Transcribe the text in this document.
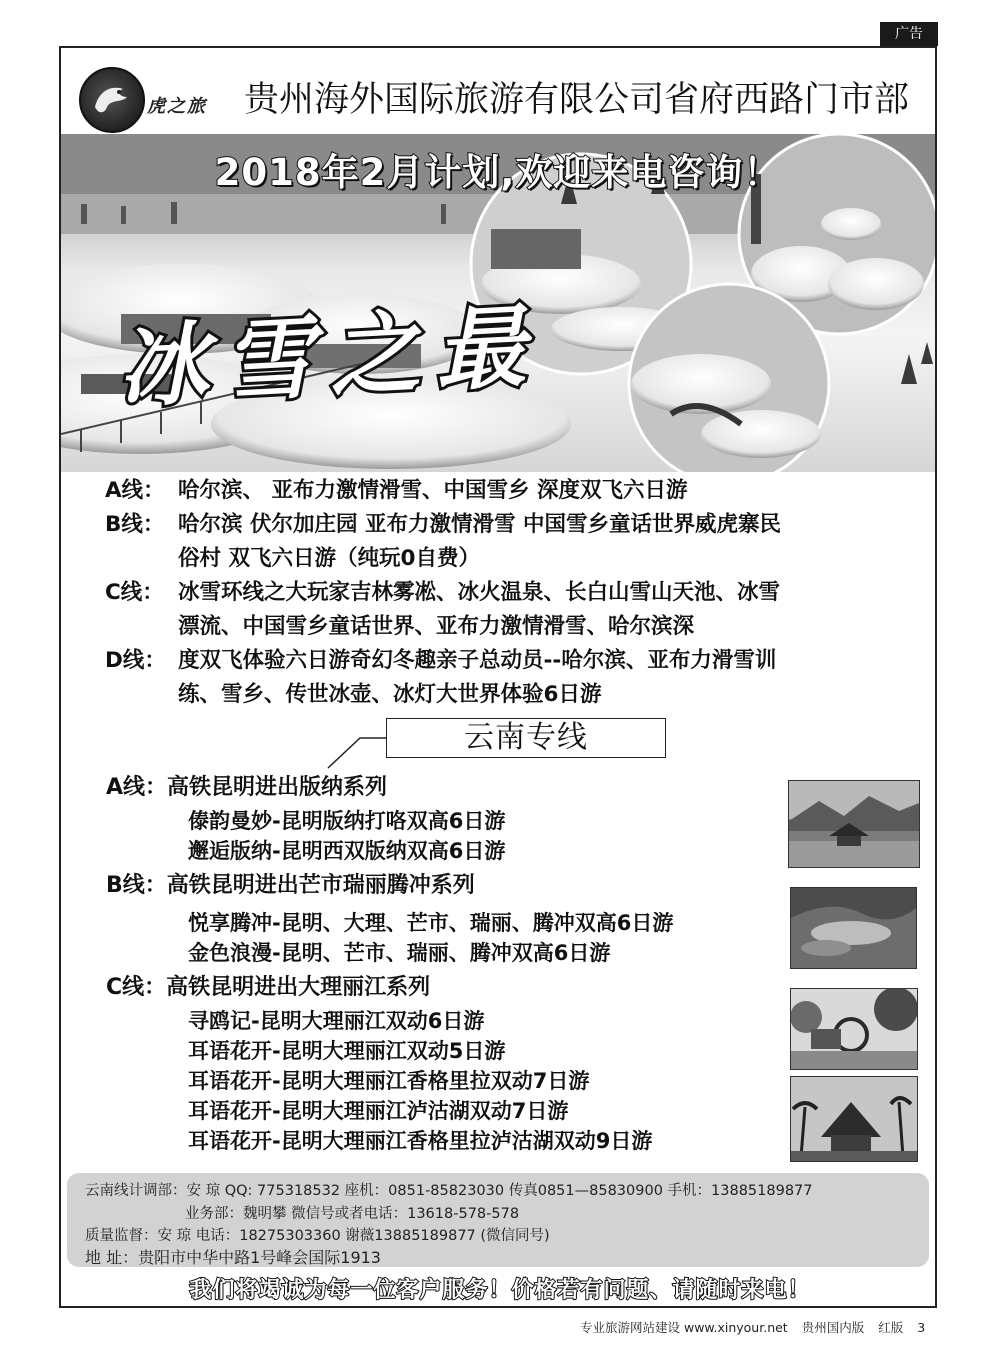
广告
虎之旅 贵州海外国际旅游有限公司省府西路门市部
2018年2月计划,欢迎来电咨询！
冰雪之最
A线： 哈尔滨、 亚布力激情滑雪、中国雪乡 深度双飞六日游
B线： 哈尔滨 伏尔加庄园 亚布力激情滑雪 中国雪乡童话世界威虎寨民
俗村 双飞六日游（纯玩0自费）
C线： 冰雪环线之大玩家吉林雾凇、冰火温泉、长白山雪山天池、冰雪
漂流、中国雪乡童话世界、亚布力激情滑雪、哈尔滨深
D线： 度双飞体验六日游奇幻冬趣亲子总动员--哈尔滨、亚布力滑雪训
练、雪乡、传世冰壶、冰灯大世界体验6日游
云南专线
A线：高铁昆明进出版纳系列
傣韵曼妙-昆明版纳打咯双高6日游
邂逅版纳-昆明西双版纳双高6日游
B线：高铁昆明进出芒市瑞丽腾冲系列
悦享腾冲-昆明、大理、芒市、瑞丽、腾冲双高6日游
金色浪漫-昆明、芒市、瑞丽、腾冲双高6日游
C线：高铁昆明进出大理丽江系列
寻鸥记-昆明大理丽江双动6日游
耳语花开-昆明大理丽江双动5日游
耳语花开-昆明大理丽江香格里拉双动7日游
耳语花开-昆明大理丽江泸沽湖双动7日游
耳语花开-昆明大理丽江香格里拉泸沽湖双动9日游
云南线计调部：安 琼 QQ: 775318532 座机：0851-85823030 传真0851—85830900 手机：13885189877
业务部：魏明攀 微信号或者电话：13618-578-578
质量监督：安 琼 电话：18275303360 谢薇13885189877 (微信同号)
地 址：贵阳市中华中路1号峰会国际1913
我们将竭诚为每一位客户服务！价格若有问题、请随时来电！
专业旅游网站建设 www.xinyour.net 贵州国内版 红版 3
